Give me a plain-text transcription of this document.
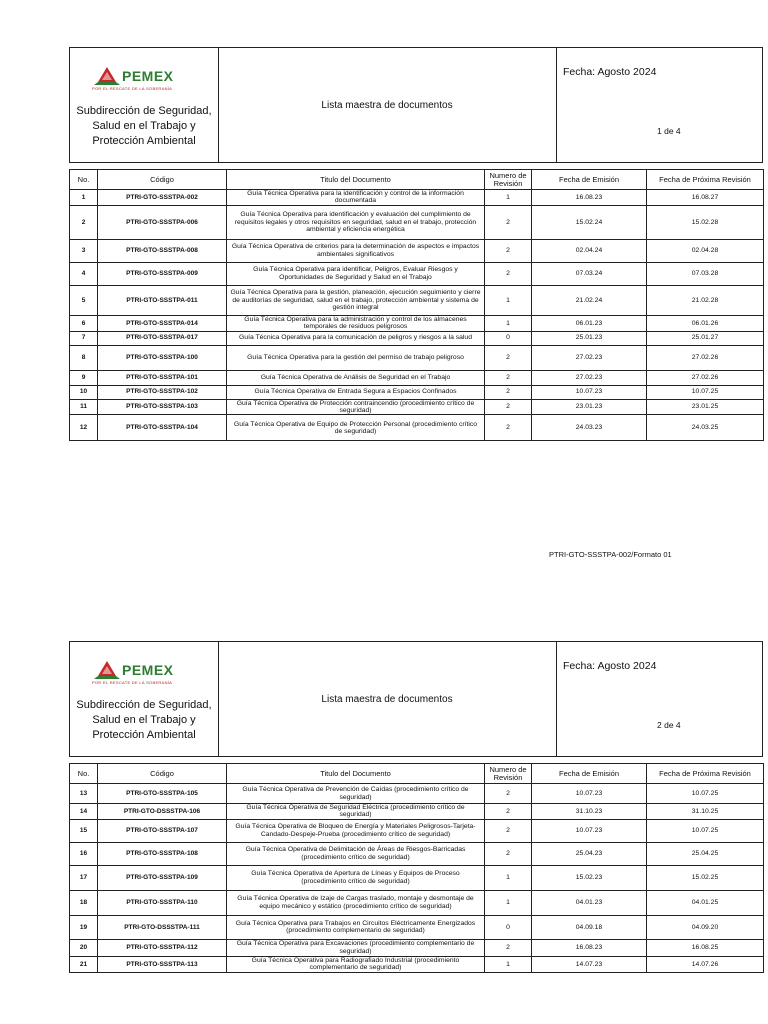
PEMEX
POR EL RESCATE DE LA SOBERANÍA
Subdirección de Seguridad, Salud en el Trabajo y Protección Ambiental
Lista maestra de documentos
Fecha: Agosto 2024
1 de 4
No.	Código	Titulo del Documento	Numero de Revisión	Fecha de Emisión	Fecha de Próxima Revisión
1	PTRI-GTO-SSSTPA-002	Guía Técnica Operativa para la identificación y control de la información documentada	1	16.08.23	16.08.27
2	PTRI-GTO-SSSTPA-006	Guía Técnica Operativa para identificación y evaluación del cumplimiento de requisitos legales y otros requisitos en seguridad, salud en el trabajo, protección ambiental y eficiencia energética	2	15.02.24	15.02.28
3	PTRI-GTO-SSSTPA-008	Guía Técnica Operativa de criterios para la determinación de aspectos e impactos ambientales significativos	2	02.04.24	02.04.28
4	PTRI-GTO-SSSTPA-009	Guía Técnica Operativa para identificar, Peligros, Evaluar Riesgos y Oportunidades de Seguridad y Salud en el Trabajo	2	07.03.24	07.03.28
5	PTRI-GTO-SSSTPA-011	Guía Técnica Operativa para la gestión, planeación, ejecución seguimiento y cierre de auditorías de seguridad, salud en el trabajo, protección ambiental y sistema de gestión integral	1	21.02.24	21.02.28
6	PTRI-GTO-SSSTPA-014	Guía Técnica Operativa para la administración y control de los almacenes temporales de residuos peligrosos	1	06.01.23	06.01.26
7	PTRI-GTO-SSSTPA-017	Guía Técnica Operativa para la comunicación de peligros y riesgos a la salud	0	25.01.23	25.01.27
8	PTRI-GTO-SSSTPA-100	Guía Técnica Operativa para la gestión del permiso de trabajo peligroso	2	27.02.23	27.02.26
9	PTRI-GTO-SSSTPA-101	Guía Técnica Operativa de Análisis de Seguridad en el Trabajo	2	27.02.23	27.02.26
10	PTRI-GTO-SSSTPA-102	Guía Técnica Operativa de Entrada Segura a Espacios Confinados	2	10.07.23	10.07.25
11	PTRI-GTO-SSSTPA-103	Guía Técnica Operativa de Protección contraincendio (procedimiento crítico de seguridad)	2	23.01.23	23.01.25
12	PTRI-GTO-SSSTPA-104	Guía Técnica Operativa de Equipo de Protección Personal (procedimiento crítico de seguridad)	2	24.03.23	24.03.25
PTRI-GTO-SSSTPA-002/Formato 01
PEMEX
POR EL RESCATE DE LA SOBERANÍA
Subdirección de Seguridad, Salud en el Trabajo y Protección Ambiental
Lista maestra de documentos
Fecha: Agosto 2024
2 de 4
No.	Código	Titulo del Documento	Numero de Revisión	Fecha de Emisión	Fecha de Próxima Revisión
13	PTRI-GTO-SSSTPA-105	Guía Técnica Operativa de Prevención de Caídas (procedimiento crítico de seguridad)	2	10.07.23	10.07.25
14	PTRI-GTO-DSSSTPA-106	Guía Técnica Operativa de Seguridad Eléctrica (procedimiento crítico de seguridad)	2	31.10.23	31.10.25
15	PTRI-GTO-SSSTPA-107	Guía Técnica Operativa de Bloqueo de Energía y Materiales Peligrosos-Tarjeta-Candado-Despeje-Prueba (procedimiento crítico de seguridad)	2	10.07.23	10.07.25
16	PTRI-GTO-SSSTPA-108	Guía Técnica Operativa de Delimitación de Áreas de Riesgos-Barricadas (procedimiento crítico de seguridad)	2	25.04.23	25.04.25
17	PTRI-GTO-SSSTPA-109	Guía Técnica Operativa de Apertura de Líneas y Equipos de Proceso (procedimiento crítico de seguridad)	1	15.02.23	15.02.25
18	PTRI-GTO-SSSTPA-110	Guía Técnica Operativa de Izaje de Cargas traslado, montaje y desmontaje de equipo mecánico y estático (procedimiento crítico de seguridad)	1	04.01.23	04.01.25
19	PTRI-GTO-DSSSTPA-111	Guía Técnica Operativa para Trabajos en Circuitos Eléctricamente Energizados (procedimiento complementario de seguridad)	0	04.09.18	04.09.20
20	PTRI-GTO-SSSTPA-112	Guía Técnica Operativa para Excavaciones (procedimiento complementario de seguridad)	2	16.08.23	16.08.25
21	PTRI-GTO-SSSTPA-113	Guía Técnica Operativa para Radiografiado Industrial (procedimiento complementario de seguridad)	1	14.07.23	14.07.26
